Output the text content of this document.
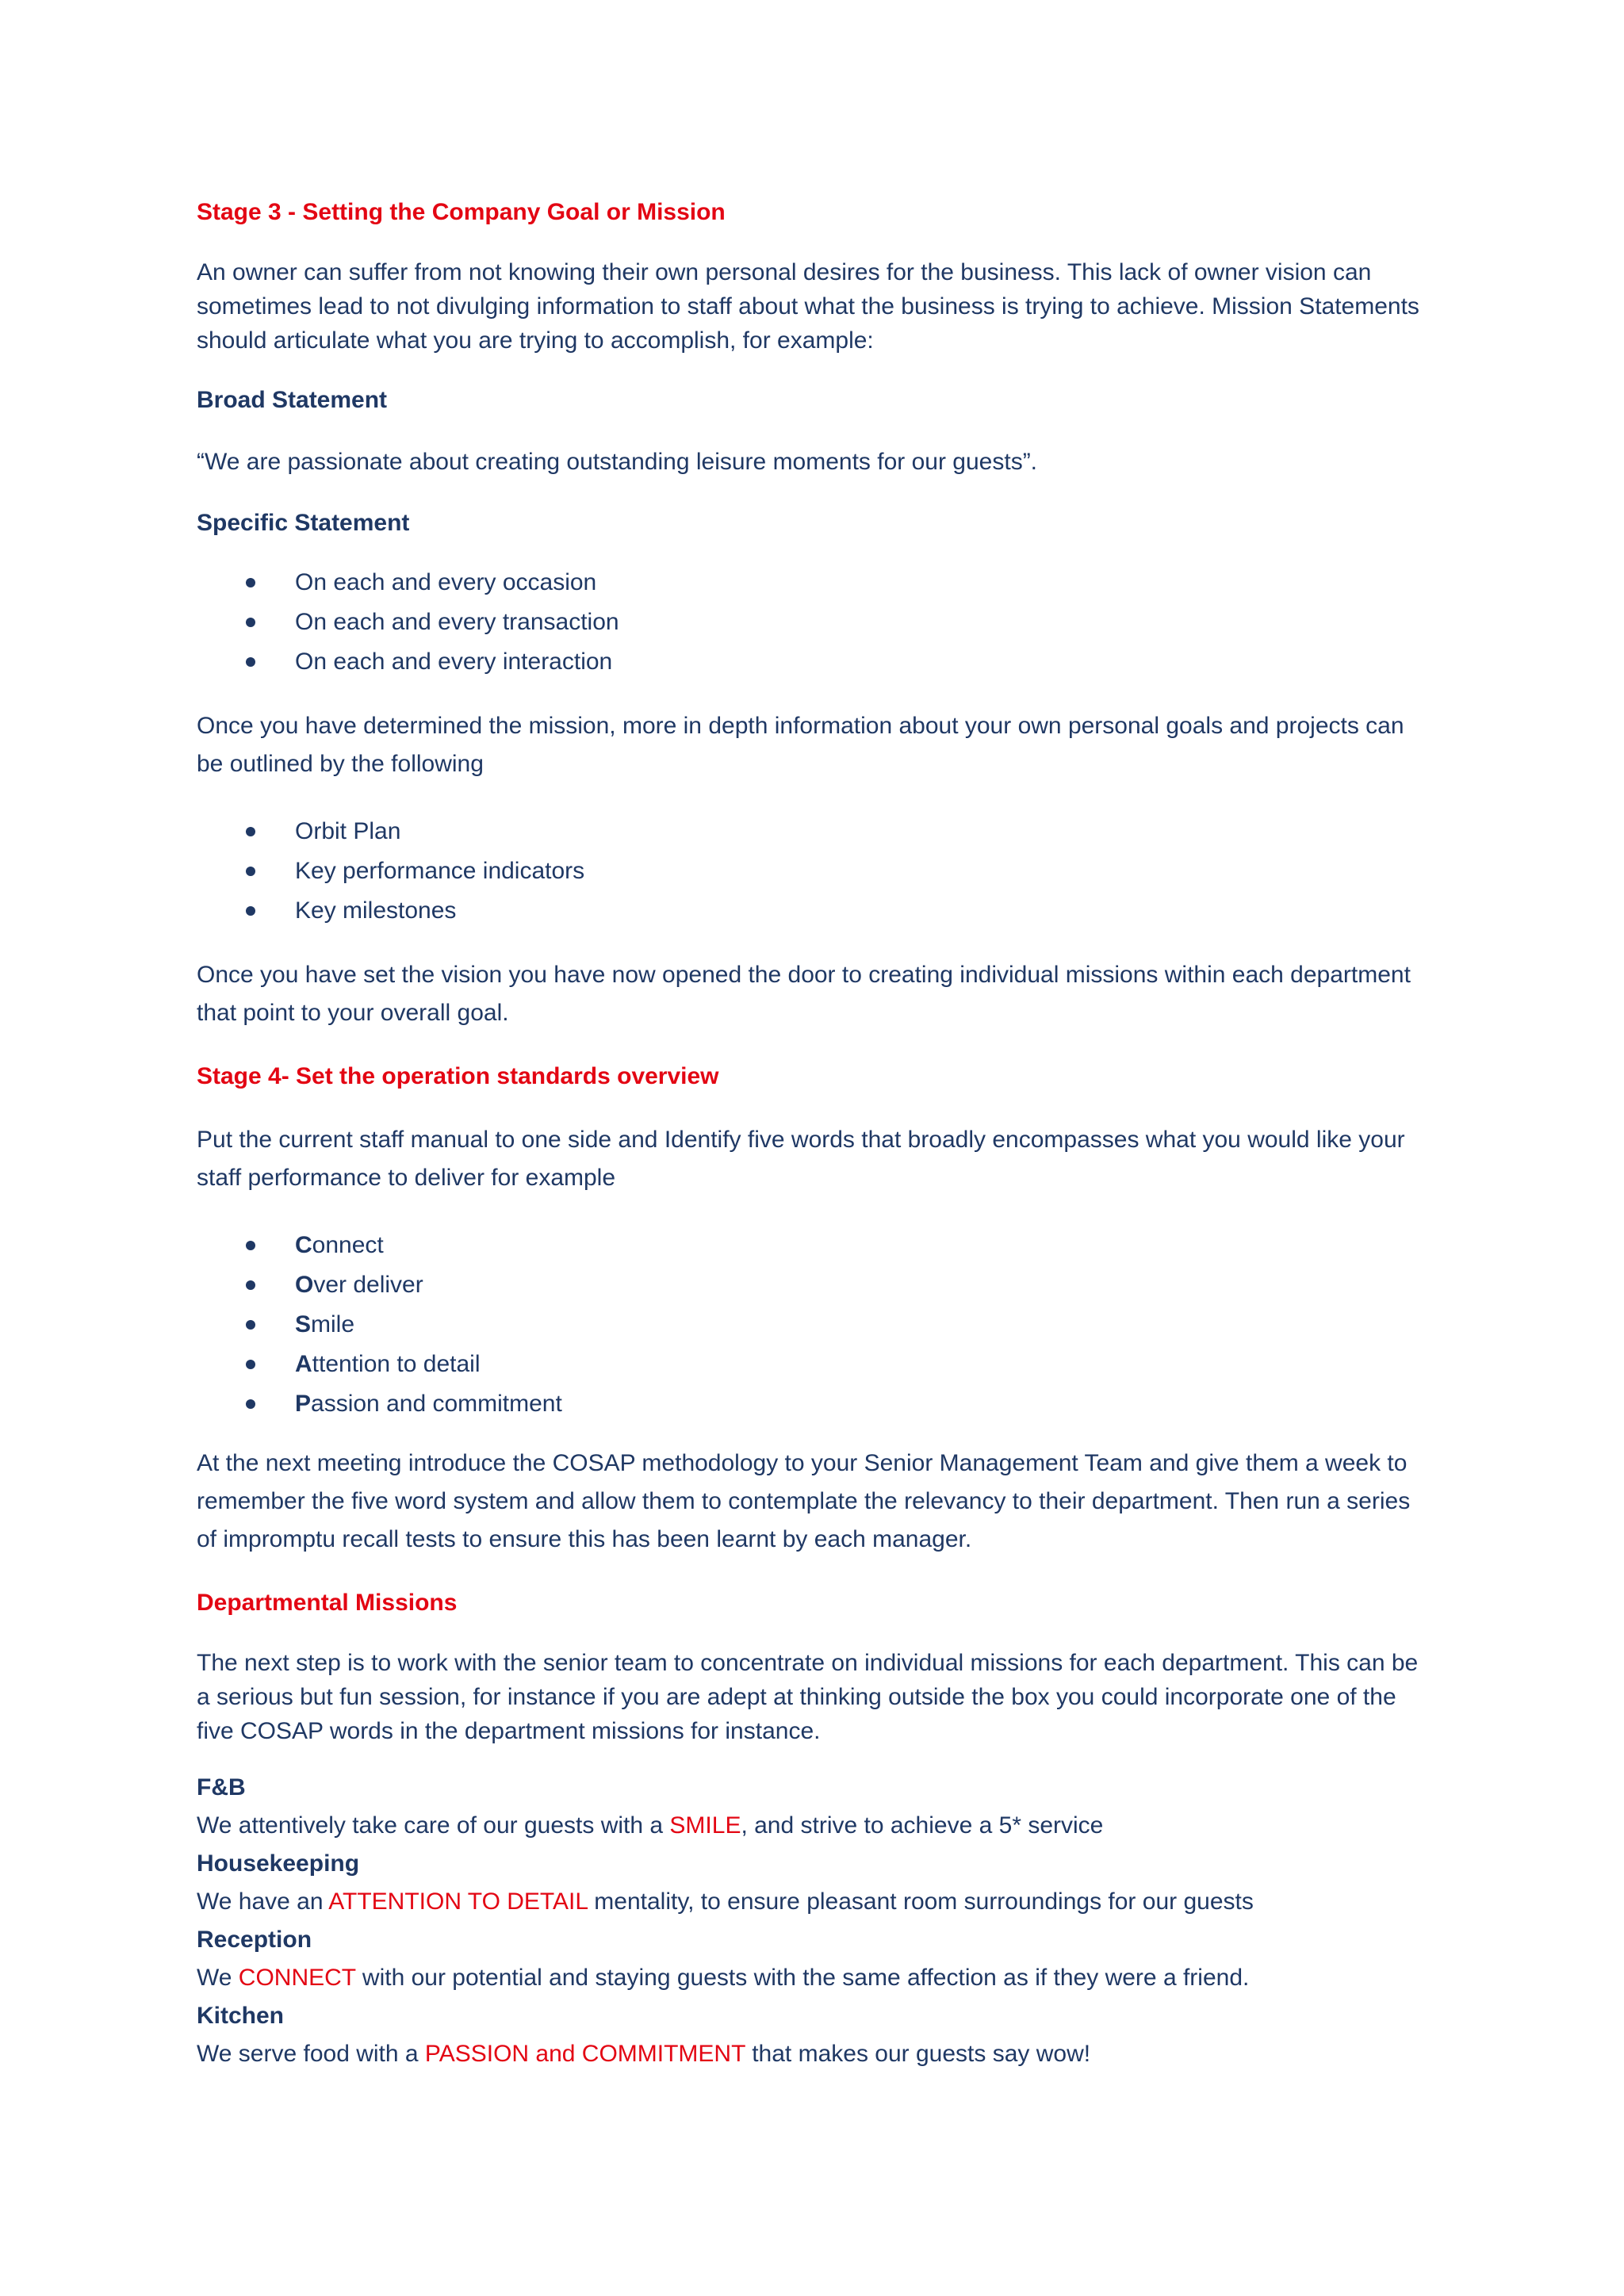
Stage 3 - Setting the Company Goal or Mission

An owner can suffer from not knowing their own personal desires for the business. This lack of owner vision can sometimes lead to not divulging information to staff about what the business is trying to achieve. Mission Statements should articulate what you are trying to accomplish, for example:

Broad Statement

“We are passionate about creating outstanding leisure moments for our guests”.

Specific Statement
On each and every occasion
On each and every transaction
On each and every interaction

Once you have determined the mission, more in depth information about your own personal goals and projects can be outlined by the following

Orbit Plan
Key performance indicators
Key milestones

Once you have set the vision you have now opened the door to creating individual missions within each department that point to your overall goal.

Stage 4- Set the operation standards overview

Put the current staff manual to one side and Identify five words that broadly encompasses what you would like your staff performance to deliver for example

Connect
Over deliver
Smile
Attention to detail
Passion and commitment

At the next meeting introduce the COSAP methodology to your Senior Management Team and give them a week to remember the five word system and allow them to contemplate the relevancy to their department. Then run a series of impromptu recall tests to ensure this has been learnt by each manager.

Departmental Missions

The next step is to work with the senior team to concentrate on individual missions for each department. This can be a serious but fun session, for instance if you are adept at thinking outside the box you could incorporate one of the five COSAP words in the department missions for instance.

F&B
We attentively take care of our guests with a SMILE, and strive to achieve a 5* service
Housekeeping
We have an ATTENTION TO DETAIL mentality, to ensure pleasant room surroundings for our guests
Reception
We CONNECT with our potential and staying guests with the same affection as if they were a friend.
Kitchen
We serve food with a PASSION and COMMITMENT that makes our guests say wow!
